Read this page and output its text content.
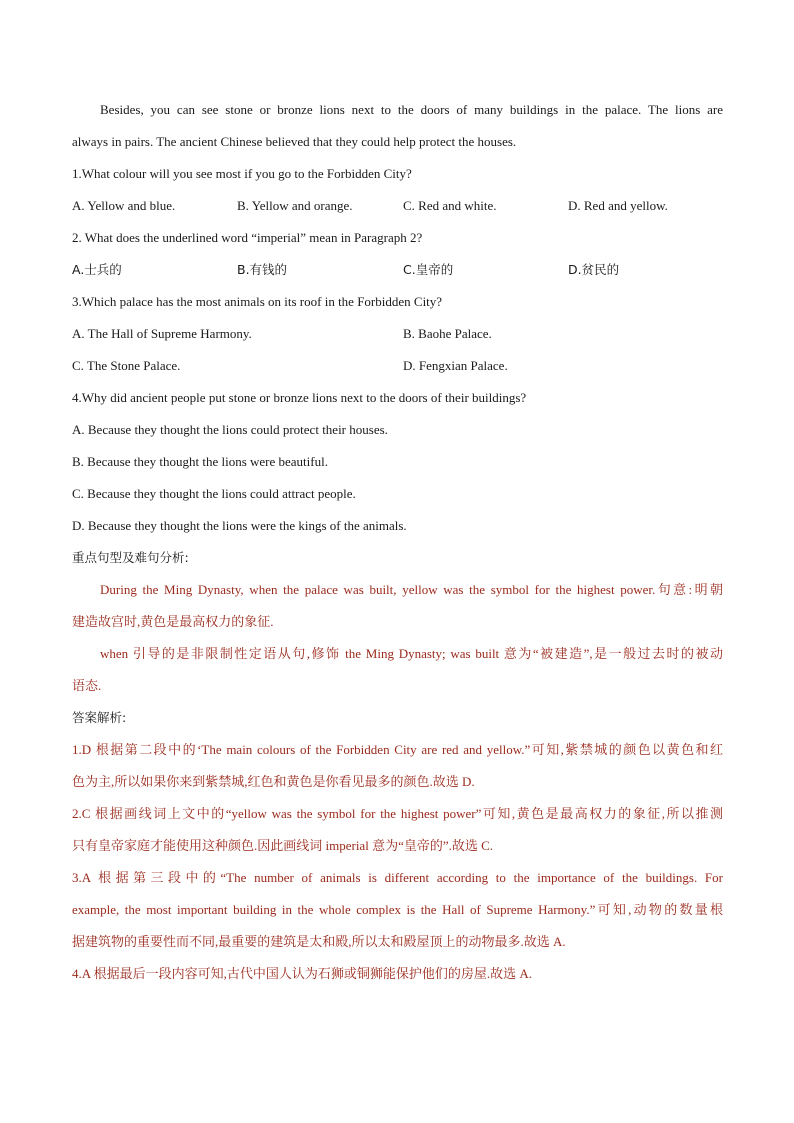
Besides, you can see stone or bronze lions next to the doors of many buildings in the palace. The lions are
always in pairs. The ancient Chinese believed that they could help protect the houses.
1.What colour will you see most if you go to the Forbidden City?
A. Yellow and blue.	B. Yellow and orange.	C. Red and white.	D. Red and yellow.
2. What does the underlined word “imperial” mean in Paragraph 2?
A.士兵的	B.有钱的	C.皇帝的	D.贫民的
3.Which palace has the most animals on its roof in the Forbidden City?
A. The Hall of Supreme Harmony.	B. Baohe Palace.
C. The Stone Palace.	D. Fengxian Palace.
4.Why did ancient people put stone or bronze lions next to the doors of their buildings?
A. Because they thought the lions could protect their houses.
B. Because they thought the lions were beautiful.
C. Because they thought the lions could attract people.
D. Because they thought the lions were the kings of the animals.
重点句型及难句分析:
During the Ming Dynasty, when the palace was built, yellow was the symbol for the highest power.句意:明朝
建造故宫时,黄色是最高权力的象征.
when 引导的是非限制性定语从句,修饰 the Ming Dynasty; was built 意为“被建造”,是一般过去时的被动
语态.
答案解析:
1.D 根据第二段中的‘The main colours of the Forbidden City are red and yellow.”可知,紫禁城的颜色以黄色和红
色为主,所以如果你来到紫禁城,红色和黄色是你看见最多的颜色.故选 D.
2.C 根据画线词上文中的“yellow was the symbol for the highest power”可知,黄色是最高权力的象征,所以推测
只有皇帝家庭才能使用这种颜色.因此画线词 imperial 意为“皇帝的”.故选 C.
3.A 根据第三段中的“The number of animals is different according to the importance of the buildings. For
example, the most important building in the whole complex is the Hall of Supreme Harmony.”可知,动物的数量根
据建筑物的重要性而不同,最重要的建筑是太和殿,所以太和殿屋顶上的动物最多.故选 A.
4.A 根据最后一段内容可知,古代中国人认为石狮或铜狮能保护他们的房屋.故选 A.
